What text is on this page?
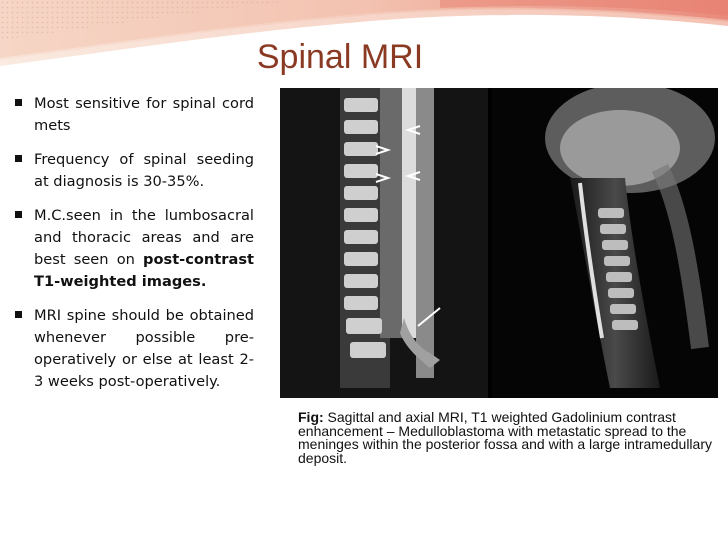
Spinal MRI
Most sensitive for spinal cord mets
Frequency of spinal seeding at diagnosis is 30-35%.
M.C.seen in the lumbosacral and thoracic areas and are best seen on post-contrast T1-weighted images.
MRI spine should be obtained whenever possible pre-operatively or else at least 2-3 weeks post-operatively.

Fig: Sagittal and axial MRI, T1 weighted Gadolinium contrast enhancement – Medulloblastoma with metastatic spread to the meninges within the posterior fossa and with a large intramedullary deposit.
